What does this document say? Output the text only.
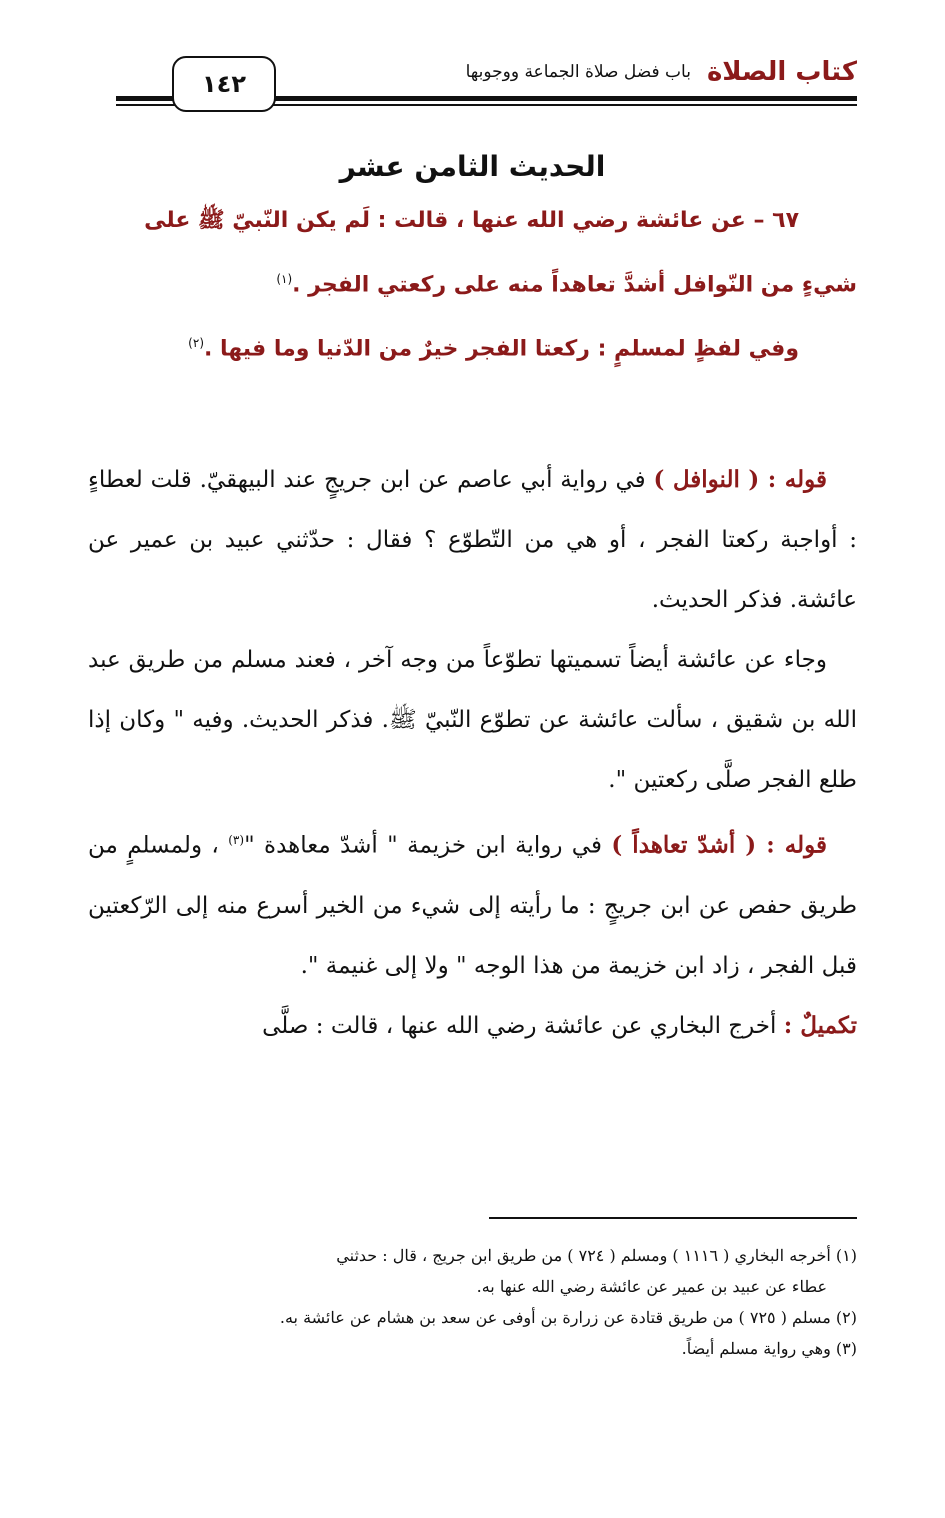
كتاب الصلاة
باب فضل صلاة الجماعة ووجوبها
١٤٢
الحديث الثامن عشر

٦٧ – عن عائشة رضي الله عنها ، قالت : لَم يكن النّبيّ ﷺ على

شيءٍ من النّوافل أشدَّ تعاهداً منه على ركعتي الفجر .$^{(١)}$

وفي لفظٍ لمسلمٍ : ركعتا الفجر خيرٌ من الدّنيا وما فيها .$^{(٢)}$

قوله : ( النوافل ) في رواية أبي عاصم عن ابن جريجٍ عند البيهقيّ. قلت لعطاءٍ : أواجبة ركعتا الفجر ، أو هي من التّطوّع ؟ فقال : حدّثني عبيد بن عمير عن عائشة. فذكر الحديث.

وجاء عن عائشة أيضاً تسميتها تطوّعاً من وجه آخر ، فعند مسلم من طريق عبد الله بن شقيق ، سألت عائشة عن تطوّع النّبيّ ﷺ. فذكر الحديث. وفيه " وكان إذا طلع الفجر صلَّى ركعتين ".

قوله : ( أشدّ تعاهداً ) في رواية ابن خزيمة " أشدّ معاهدة "$^{(٣)}$ ، ولمسلمٍ من طريق حفص عن ابن جريجٍ : ما رأيته إلى شيء من الخير أسرع منه إلى الرّكعتين قبل الفجر ، زاد ابن خزيمة من هذا الوجه " ولا إلى غنيمة ".

تكميلٌ : أخرج البخاري عن عائشة رضي الله عنها ، قالت : صلَّى

(١) أخرجه البخاري ( ١١١٦ ) ومسلم ( ٧٢٤ ) من طريق ابن جريج ، قال : حدثني

عطاء عن عبيد بن عمير عن عائشة رضي الله عنها به.

(٢) مسلم ( ٧٢٥ ) من طريق قتادة عن زرارة بن أوفى عن سعد بن هشام عن عائشة به.

(٣) وهي رواية مسلم أيضاً.
